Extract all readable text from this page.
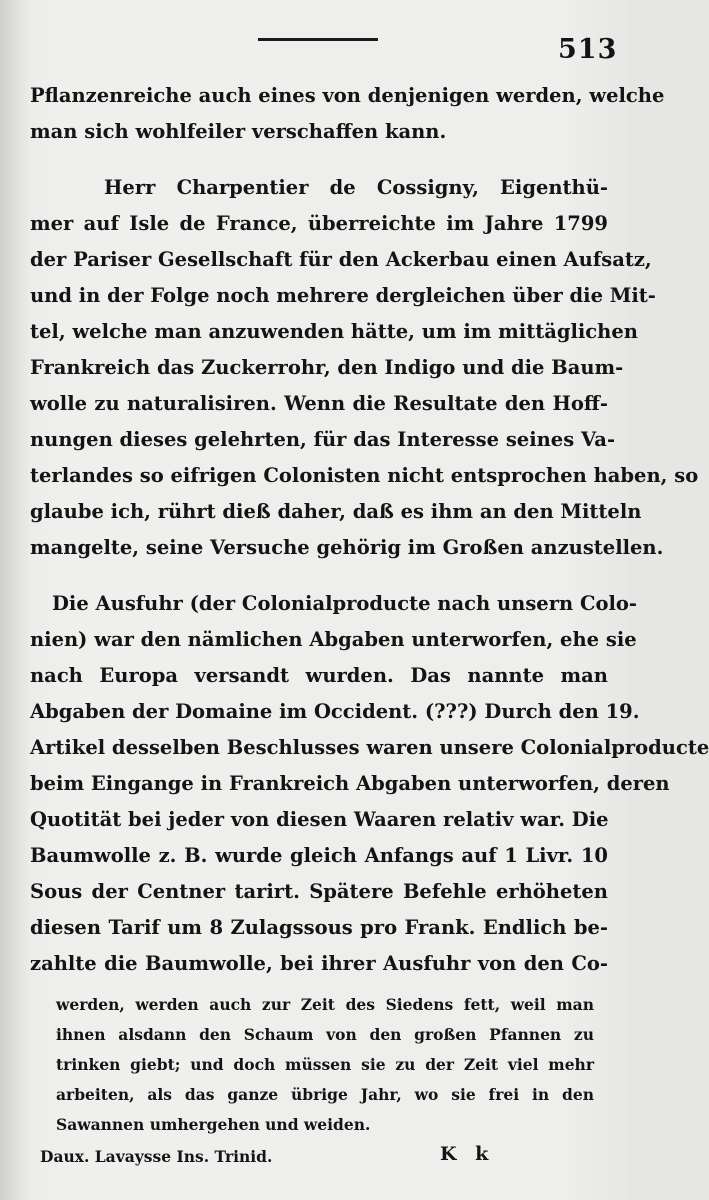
513
Pflanzenreiche auch eines von denjenigen werden, welche
man sich wohlfeiler verschaffen kann.
Herr Charpentier de Cossigny, Eigenthü-
mer auf Isle de France, überreichte im Jahre 1799
der Pariser Gesellschaft für den Ackerbau einen Aufsatz,
und in der Folge noch mehrere dergleichen über die Mit-
tel, welche man anzuwenden hätte, um im mittäglichen
Frankreich das Zuckerrohr, den Indigo und die Baum-
wolle zu naturalisiren. Wenn die Resultate den Hoff-
nungen dieses gelehrten, für das Interesse seines Va-
terlandes so eifrigen Colonisten nicht entsprochen haben, so
glaube ich, rührt dieß daher, daß es ihm an den Mitteln
mangelte, seine Versuche gehörig im Großen anzustellen.
Die Ausfuhr (der Colonialproducte nach unsern Colo-
nien) war den nämlichen Abgaben unterworfen, ehe sie
nach Europa versandt wurden. Das nannte man
Abgaben der Domaine im Occident. (???) Durch den 19.
Artikel desselben Beschlusses waren unsere Colonialproducte
beim Eingange in Frankreich Abgaben unterworfen, deren
Quotität bei jeder von diesen Waaren relativ war. Die
Baumwolle z. B. wurde gleich Anfangs auf 1 Livr. 10
Sous der Centner tarirt. Spätere Befehle erhöheten
diesen Tarif um 8 Zulagssous pro Frank. Endlich be-
zahlte die Baumwolle, bei ihrer Ausfuhr von den Co-
werden, werden auch zur Zeit des Siedens fett, weil man
ihnen alsdann den Schaum von den großen Pfannen zu
trinken giebt; und doch müssen sie zu der Zeit viel mehr
arbeiten, als das ganze übrige Jahr, wo sie frei in den
Sawannen umhergehen und weiden.
Daux. Lavaysse Ins. Trinid.	K k
